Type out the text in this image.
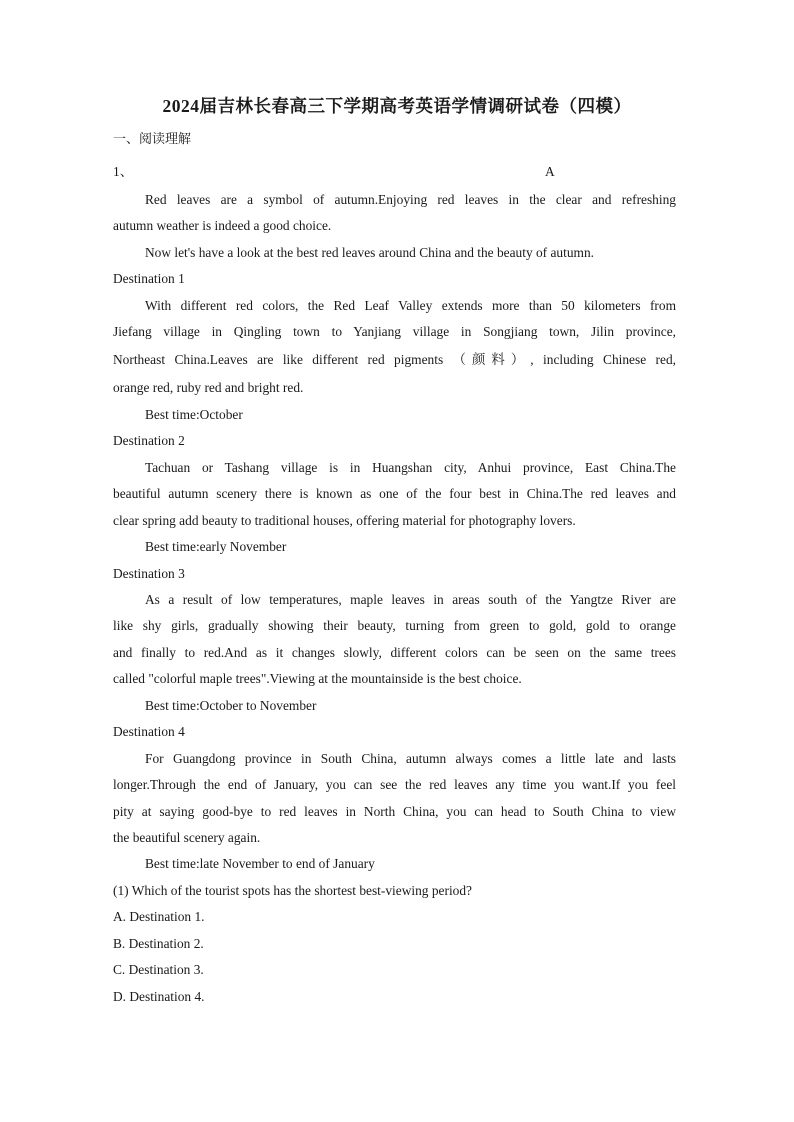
2024届吉林长春高三下学期高考英语学情调研试卷（四模）
一、阅读理解
1、	A
Red leaves are a symbol of autumn.Enjoying red leaves in the clear and refreshing
autumn weather is indeed a good choice.
Now let's have a look at the best red leaves around China and the beauty of autumn.
Destination 1
With different red colors, the Red Leaf Valley extends more than 50 kilometers from
Jiefang village in Qingling town to Yanjiang village in Songjiang town, Jilin province,
Northeast China.Leaves are like different red pigments （颜料）, including Chinese red,
orange red, ruby red and bright red.
Best time:October
Destination 2
Tachuan or Tashang village is in Huangshan city, Anhui province, East China.The
beautiful autumn scenery there is known as one of the four best in China.The red leaves and
clear spring add beauty to traditional houses, offering material for photography lovers.
Best time:early November
Destination 3
As a result of low temperatures, maple leaves in areas south of the Yangtze River are
like shy girls, gradually showing their beauty, turning from green to gold, gold to orange
and finally to red.And as it changes slowly, different colors can be seen on the same trees
called "colorful maple trees".Viewing at the mountainside is the best choice.
Best time:October to November
Destination 4
For Guangdong province in South China, autumn always comes a little late and lasts
longer.Through the end of January, you can see the red leaves any time you want.If you feel
pity at saying good-bye to red leaves in North China, you can head to South China to view
the beautiful scenery again.
Best time:late November to end of January
(1) Which of the tourist spots has the shortest best-viewing period?
A. Destination 1.
B. Destination 2.
C. Destination 3.
D. Destination 4.
